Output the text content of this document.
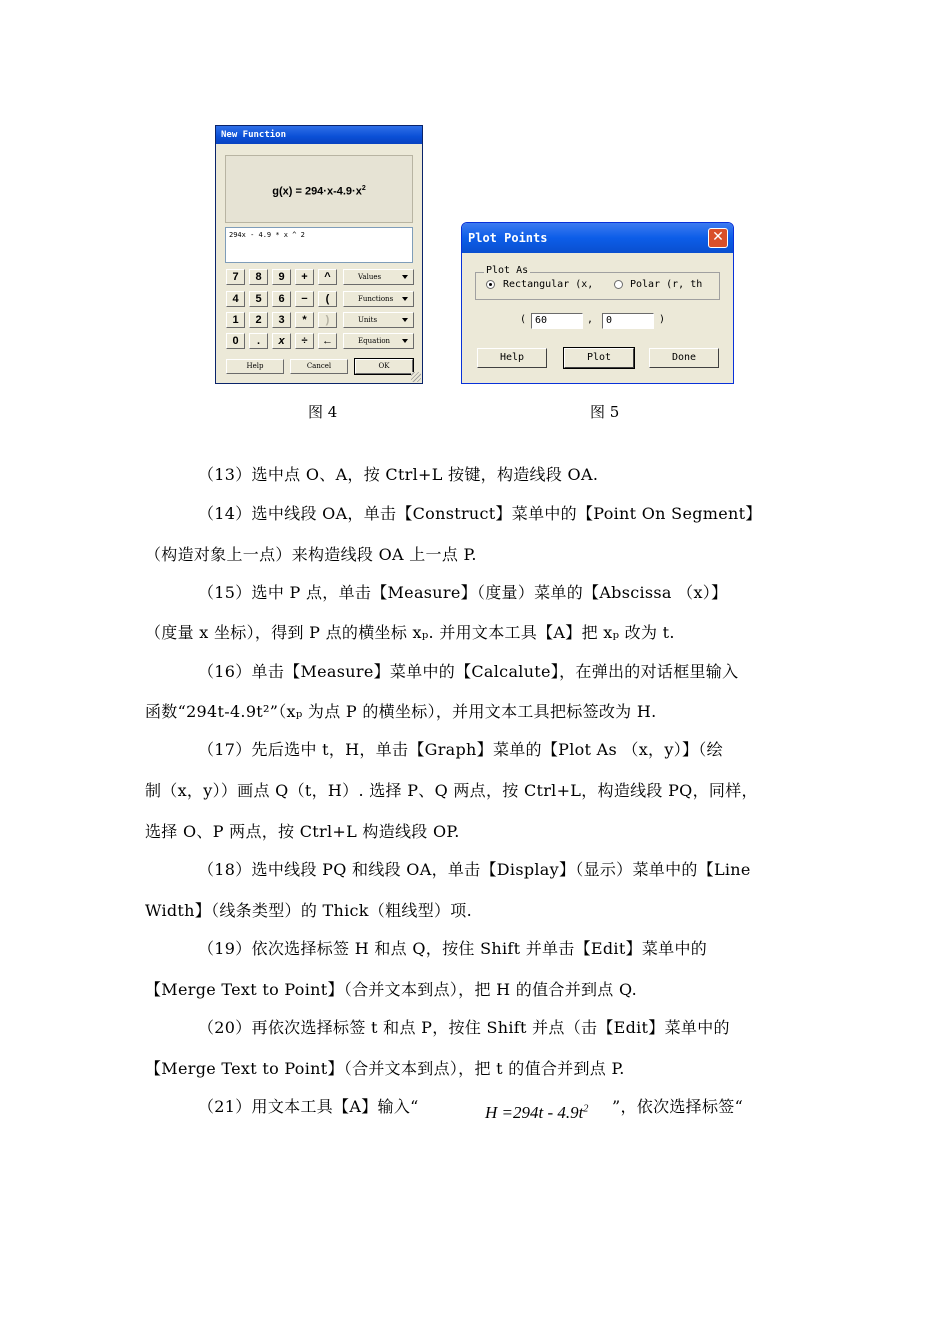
New Function
$g(x) = 294\cdot x-4.9\cdot x^2$
294x - 4.9 * x ^ 2
7	8	9	+	^
4	5	6	−	(
1	2	3	*	)
0	.	x	÷	←
Values
Functions
Units
Equation
Help	Cancel	OK
图 4
Plot Points	✕
Plot As
Rectangular (x,	Polar (r, th
( 60	,	0	)
Help	Plot	Done
图 5
（13）选中点 O、A，按 Ctrl+L 按键，构造线段 OA.
（14）选中线段 OA，单击【Construct】菜单中的【Point On Segment】
（构造对象上一点）来构造线段 OA 上一点 P.
（15）选中 P 点，单击【Measure】（度量）菜单的【Abscissa （x）】
（度量 x 坐标），得到 P 点的横坐标 xₚ. 并用文本工具【A】把 xₚ 改为 t.
（16）单击【Measure】菜单中的【Calcalute】，在弹出的对话框里输入
函数“294t-4.9t²”（xₚ 为点 P 的横坐标），并用文本工具把标签改为 H.
（17）先后选中 t，H，单击【Graph】菜单的【Plot As （x，y）】（绘
制（x，y））画点 Q（t，H）. 选择 P、Q 两点，按 Ctrl+L，构造线段 PQ，同样，
选择 O、P 两点，按 Ctrl+L 构造线段 OP.
（18）选中线段 PQ 和线段 OA，单击【Display】（显示）菜单中的【Line
Width】（线条类型）的 Thick（粗线型）项.
（19）依次选择标签 H 和点 Q，按住 Shift 并单击【Edit】菜单中的
【Merge Text to Point】（合并文本到点），把 H 的值合并到点 Q.
（20）再依次选择标签 t 和点 P，按住 Shift 并点（击【Edit】菜单中的
【Merge Text to Point】（合并文本到点），把 t 的值合并到点 P.
（21）用文本工具【A】输入“	$H =294t - 4.9t^2$ ”，依次选择标签“
